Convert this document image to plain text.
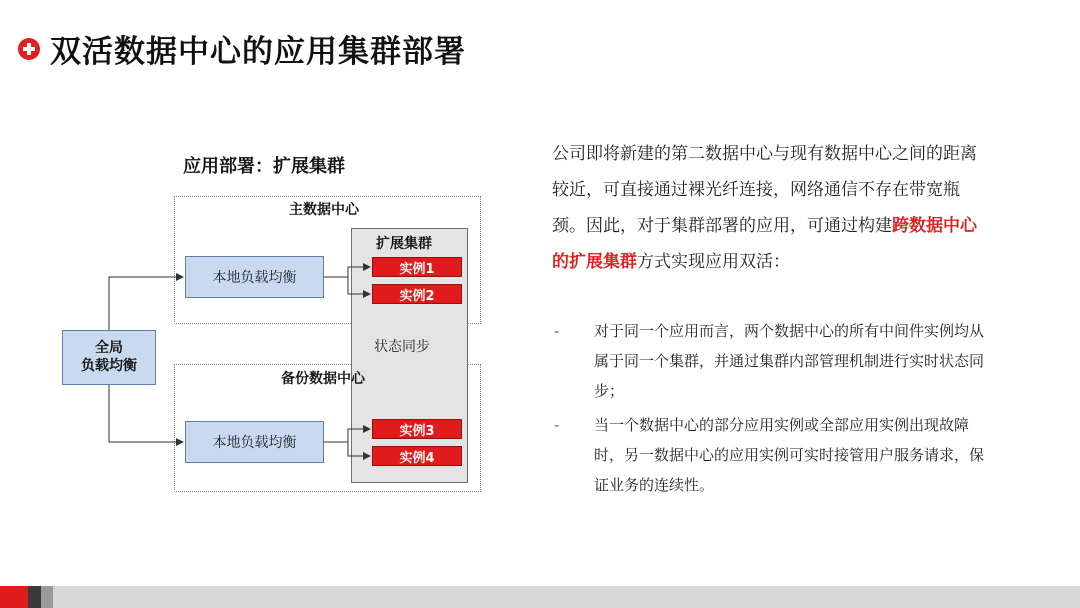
双活数据中心的应用集群部署
应用部署：扩展集群
主数据中心
备份数据中心
扩展集群
状态同步
本地负载均衡
本地负载均衡
全局
负载均衡
实例1
实例2
实例3
实例4
公司即将新建的第二数据中心与现有数据中心之间的距离较近，可直接通过裸光纤连接，网络通信不存在带宽瓶颈。因此，对于集群部署的应用，可通过构建跨数据中心的扩展集群方式实现应用双活：
- 对于同一个应用而言，两个数据中心的所有中间件实例均从属于同一个集群，并通过集群内部管理机制进行实时状态同步；
- 当一个数据中心的部分应用实例或全部应用实例出现故障时，另一数据中心的应用实例可实时接管用户服务请求，保证业务的连续性。
